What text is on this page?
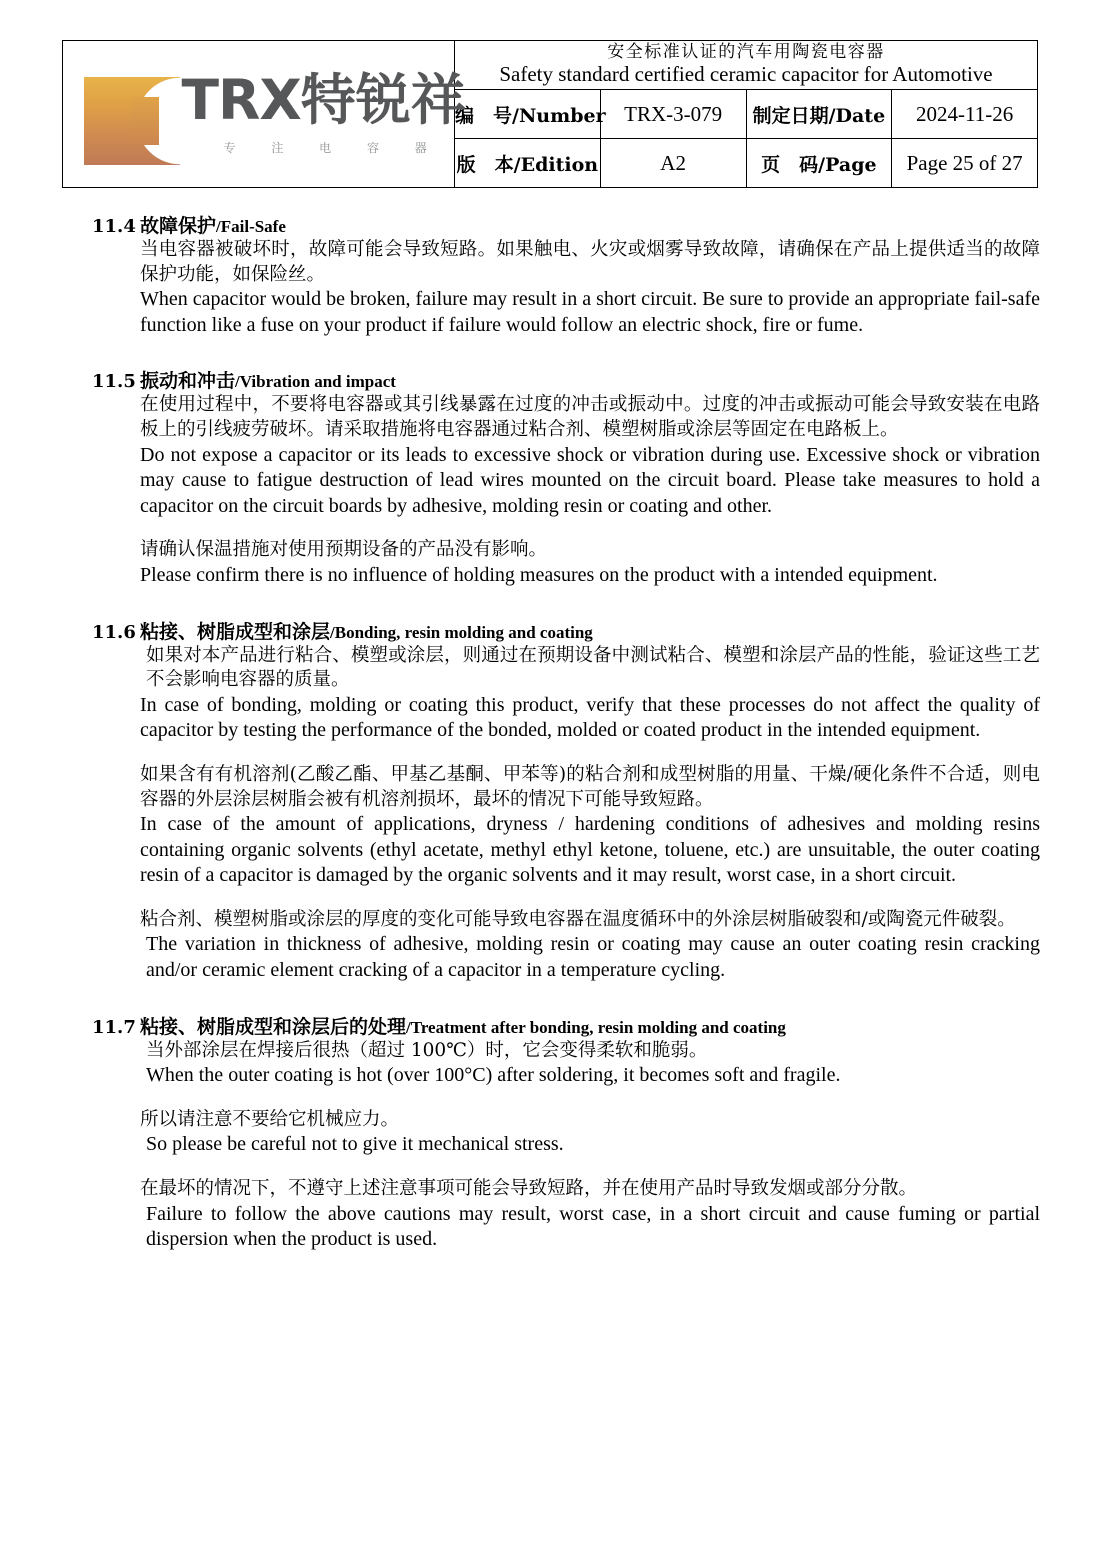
TRX特锐祥
专 注 电 容 器

安全标准认证的汽车用陶瓷电容器
Safety standard certified ceramic capacitor for Automotive

	编　号/Number	TRX-3-079	制定日期/Date	2024-11-26
	版　本/Edition	A2	页　码/Page	Page 25 of 27
11.4 故障保护/Fail-Safe
当电容器被破坏时，故障可能会导致短路。如果触电、火灾或烟雾导致故障，请确保在产品上提供适当的故障保护功能，如保险丝。
When capacitor would be broken, failure may result in a short circuit. Be sure to provide an appropriate fail-safe function like a fuse on your product if failure would follow an electric shock, fire or fume.
11.5 振动和冲击/Vibration and impact
在使用过程中，不要将电容器或其引线暴露在过度的冲击或振动中。过度的冲击或振动可能会导致安装在电路板上的引线疲劳破坏。请采取措施将电容器通过粘合剂、模塑树脂或涂层等固定在电路板上。
Do not expose a capacitor or its leads to excessive shock or vibration during use. Excessive shock or vibration may cause to fatigue destruction of lead wires mounted on the circuit board. Please take measures to hold a capacitor on the circuit boards by adhesive, molding resin or coating and other.
请确认保温措施对使用预期设备的产品没有影响。
Please confirm there is no influence of holding measures on the product with a intended equipment.
11.6 粘接、树脂成型和涂层/Bonding, resin molding and coating
如果对本产品进行粘合、模塑或涂层，则通过在预期设备中测试粘合、模塑和涂层产品的性能，验证这些工艺不会影响电容器的质量。
In case of bonding, molding or coating this product, verify that these processes do not affect the quality of capacitor by testing the performance of the bonded, molded or coated product in the intended equipment.
如果含有有机溶剂(乙酸乙酯、甲基乙基酮、甲苯等)的粘合剂和成型树脂的用量、干燥/硬化条件不合适，则电容器的外层涂层树脂会被有机溶剂损坏，最坏的情况下可能导致短路。
In case of the amount of applications, dryness / hardening conditions of adhesives and molding resins containing organic solvents (ethyl acetate, methyl ethyl ketone, toluene, etc.) are unsuitable, the outer coating resin of a capacitor is damaged by the organic solvents and it may result, worst case, in a short circuit.
粘合剂、模塑树脂或涂层的厚度的变化可能导致电容器在温度循环中的外涂层树脂破裂和/或陶瓷元件破裂。
The variation in thickness of adhesive, molding resin or coating may cause an outer coating resin cracking and/or ceramic element cracking of a capacitor in a temperature cycling.
11.7 粘接、树脂成型和涂层后的处理/Treatment after bonding, resin molding and coating
当外部涂层在焊接后很热（超过 100℃）时，它会变得柔软和脆弱。
When the outer coating is hot (over 100°C) after soldering, it becomes soft and fragile.
所以请注意不要给它机械应力。
So please be careful not to give it mechanical stress.
在最坏的情况下，不遵守上述注意事项可能会导致短路，并在使用产品时导致发烟或部分分散。
Failure to follow the above cautions may result, worst case, in a short circuit and cause fuming or partial dispersion when the product is used.
